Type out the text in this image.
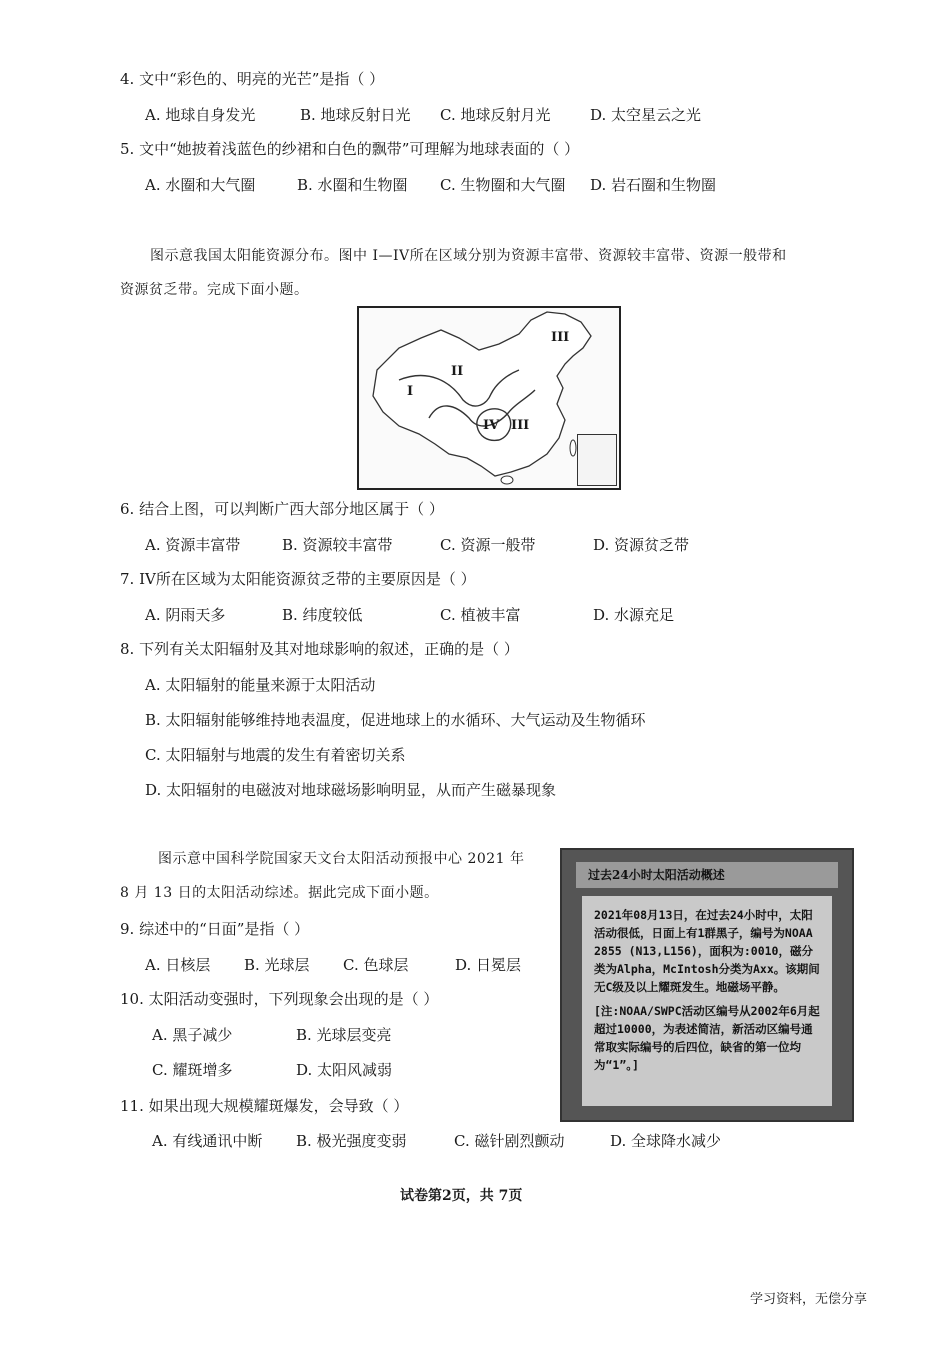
4. 文中“彩色的、明亮的光芒”是指（ ）
A. 地球自身发光	B. 地球反射日光 C. 地球反射月光	D. 太空星云之光
5. 文中“她披着浅蓝色的纱裙和白色的飘带”可理解为地球表面的（ ）
A. 水圈和大气圈	B. 水圈和生物圈 C. 生物圈和大气圈 D. 岩石圈和生物圈
图示意我国太阳能资源分布。图中 I—IV所在区域分别为资源丰富带、资源较丰富带、资源一般带和
资源贫乏带。完成下面小题。
I
II
III
IV III
6. 结合上图，可以判断广西大部分地区属于（ ）
A. 资源丰富带	B. 资源较丰富带	C. 资源一般带	D. 资源贫乏带
7. IV所在区域为太阳能资源贫乏带的主要原因是（ ）
A. 阴雨天多	B. 纬度较低	C. 植被丰富	D. 水源充足
8. 下列有关太阳辐射及其对地球影响的叙述，正确的是（ ）
A. 太阳辐射的能量来源于太阳活动
B. 太阳辐射能够维持地表温度，促进地球上的水循环、大气运动及生物循环
C. 太阳辐射与地震的发生有着密切关系
D. 太阳辐射的电磁波对地球磁场影响明显，从而产生磁暴现象
图示意中国科学院国家天文台太阳活动预报中心 2021 年
8 月 13 日的太阳活动综述。据此完成下面小题。
过去24小时太阳活动概述

2021年08月13日，在过去24小时中，太阳活动很低，日面上有1群黑子，编号为NOAA 2855 (N13,L156)，面积为:0010，磁分类为Alpha，McIntosh分类为Axx。该期间无C级及以上耀斑发生。地磁场平静。

[注:NOAA/SWPC活动区编号从2002年6月起超过10000，为表述简洁，新活动区编号通常取实际编号的后四位，缺省的第一位均为“1”。]

9. 综述中的“日面”是指（ ）
A. 日核层 B. 光球层 C. 色球层	D. 日冕层
10. 太阳活动变强时，下列现象会出现的是（ ）
A. 黑子减少	B. 光球层变亮
C. 耀斑增多	D. 太阳风减弱
11. 如果出现大规模耀斑爆发，会导致（ ）
A. 有线通讯中断 B. 极光强度变弱	C. 磁针剧烈颤动	D. 全球降水减少
试卷第2页，共 7页
学习资料，无偿分享
